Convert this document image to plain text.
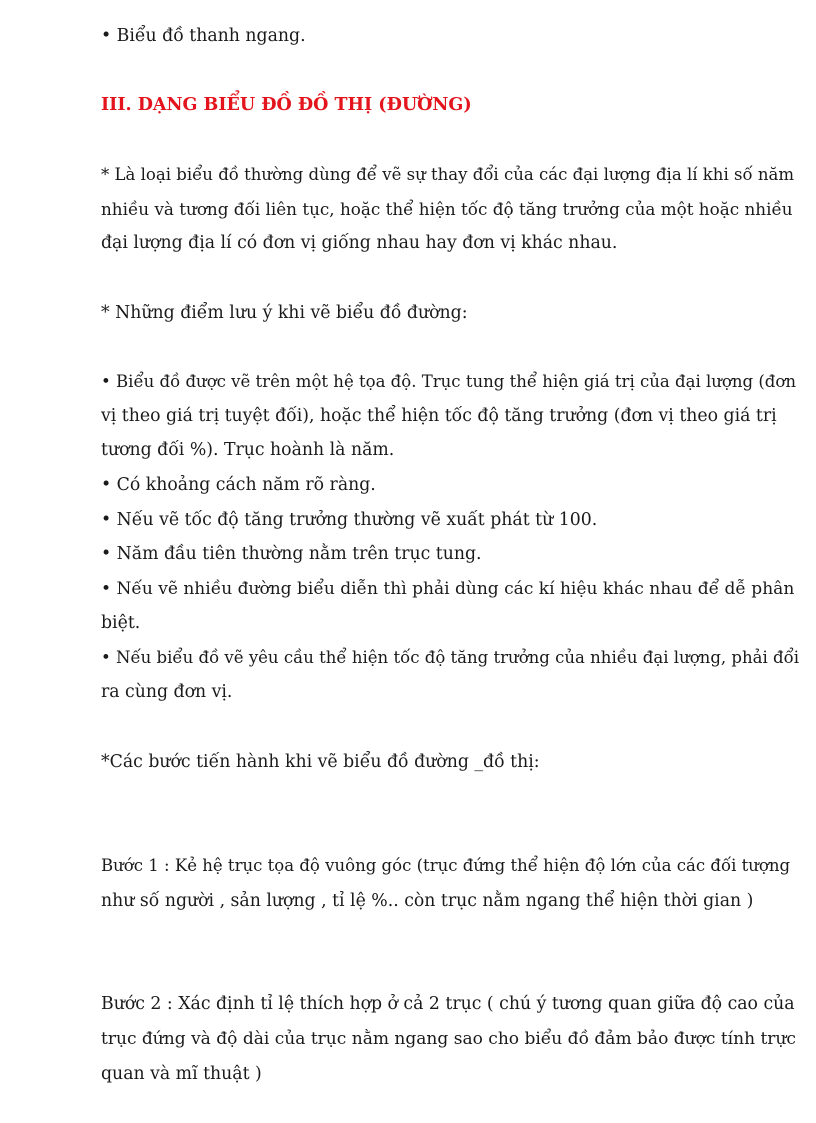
• Biểu đồ thanh ngang.

III. DẠNG BIỂU ĐỒ ĐỒ THỊ (ĐƯỜNG)

* Là loại biểu đồ thường dùng để vẽ sự thay đổi của các đại lượng địa lí khi số năm

nhiều và tương đối liên tục, hoặc thể hiện tốc độ tăng trưởng của một hoặc nhiều

đại lượng địa lí có đơn vị giống nhau hay đơn vị khác nhau.

* Những điểm lưu ý khi vẽ biểu đồ đường:

• Biểu đồ được vẽ trên một hệ tọa độ. Trục tung thể hiện giá trị của đại lượng (đơn

vị theo giá trị tuyệt đối), hoặc thể hiện tốc độ tăng trưởng (đơn vị theo giá trị

tương đối %). Trục hoành là năm.

• Có khoảng cách năm rõ ràng.

• Nếu vẽ tốc độ tăng trưởng thường vẽ xuất phát từ 100.

• Năm đầu tiên thường nằm trên trục tung.

• Nếu vẽ nhiều đường biểu diễn thì phải dùng các kí hiệu khác nhau để dễ phân

biệt.

• Nếu biểu đồ vẽ yêu cầu thể hiện tốc độ tăng trưởng của nhiều đại lượng, phải đổi

ra cùng đơn vị.

*Các bước tiến hành khi vẽ biểu đồ đường _đồ thị:

Bước 1 : Kẻ hệ trục tọa độ vuông góc (trục đứng thể hiện độ lớn của các đối tượng

như số người , sản lượng , tỉ lệ %.. còn trục nằm ngang thể hiện thời gian )

Bước 2 : Xác định tỉ lệ thích hợp ở cả 2 trục ( chú ý tương quan giữa độ cao của

trục đứng và độ dài của trục nằm ngang sao cho biểu đồ đảm bảo được tính trực

quan và mĩ thuật )
